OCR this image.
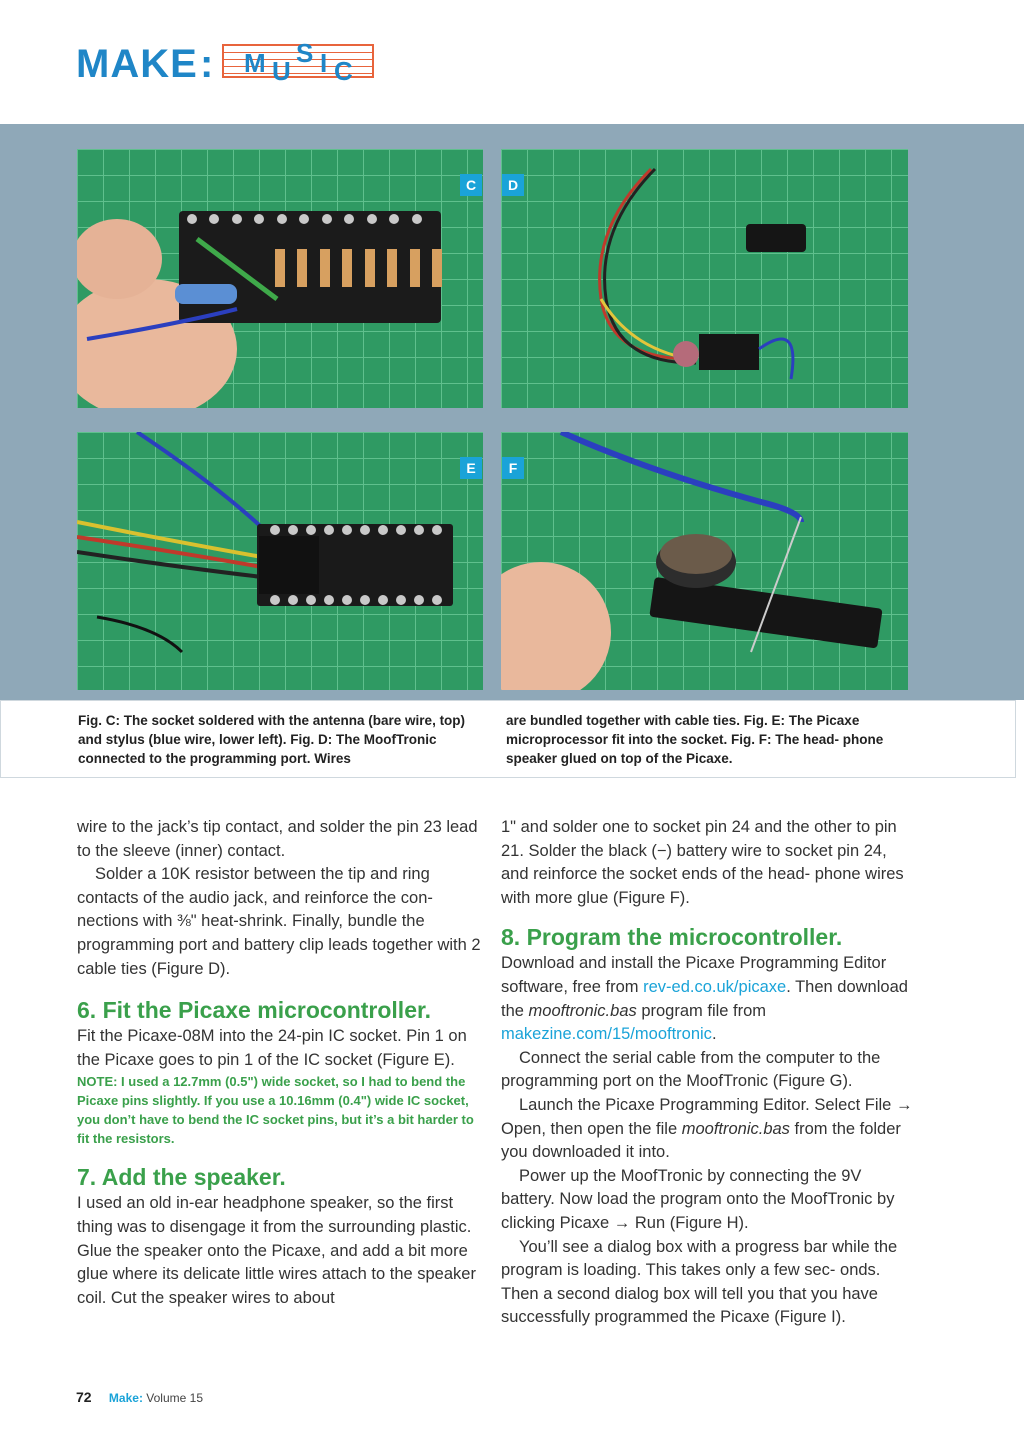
MAKE : M U
S I C
C	D
E	F
Fig. C: The socket soldered with the antenna (bare wire, top) and stylus (blue wire, lower left). Fig. D: The MoofTronic connected to the programming port. Wires
are bundled together with cable ties. Fig. E: The Picaxe microprocessor fit into the socket. Fig. F: The head- phone speaker glued on top of the Picaxe.

wire to the jack’s tip contact, and solder the pin 23 lead to the sleeve (inner) contact.

Solder a 10K resistor between the tip and ring contacts of the audio jack, and reinforce the con- nections with ⅜" heat-shrink. Finally, bundle the programming port and battery clip leads together with 2 cable ties (Figure D).

6. Fit the Picaxe microcontroller.

Fit the Picaxe-08M into the 24-pin IC socket. Pin 1 on the Picaxe goes to pin 1 of the IC socket (Figure E).

NOTE: I used a 12.7mm (0.5") wide socket, so I had to bend the Picaxe pins slightly. If you use a 10.16mm (0.4") wide IC socket, you don’t have to bend the IC socket pins, but it’s a bit harder to fit the resistors.

7. Add the speaker.

I used an old in-ear headphone speaker, so the first thing was to disengage it from the surrounding plastic. Glue the speaker onto the Picaxe, and add a bit more glue where its delicate little wires attach to the speaker coil. Cut the speaker wires to about

1" and solder one to socket pin 24 and the other to pin 21. Solder the black (−) battery wire to socket pin 24, and reinforce the socket ends of the head- phone wires with more glue (Figure F).

8. Program the microcontroller.

Download and install the Picaxe Programming Editor software, free from rev-ed.co.uk/picaxe. Then download the mooftronic.bas program file from makezine.com/15/mooftronic.

Connect the serial cable from the computer to the programming port on the MoofTronic (Figure G).

Launch the Picaxe Programming Editor. Select File → Open, then open the file mooftronic.bas from the folder you downloaded it into.

Power up the MoofTronic by connecting the 9V battery. Now load the program onto the MoofTronic by clicking Picaxe → Run (Figure H).

You’ll see a dialog box with a progress bar while the program is loading. This takes only a few sec- onds. Then a second dialog box will tell you that you have successfully programmed the Picaxe (Figure I).

72 Make: Volume 15
